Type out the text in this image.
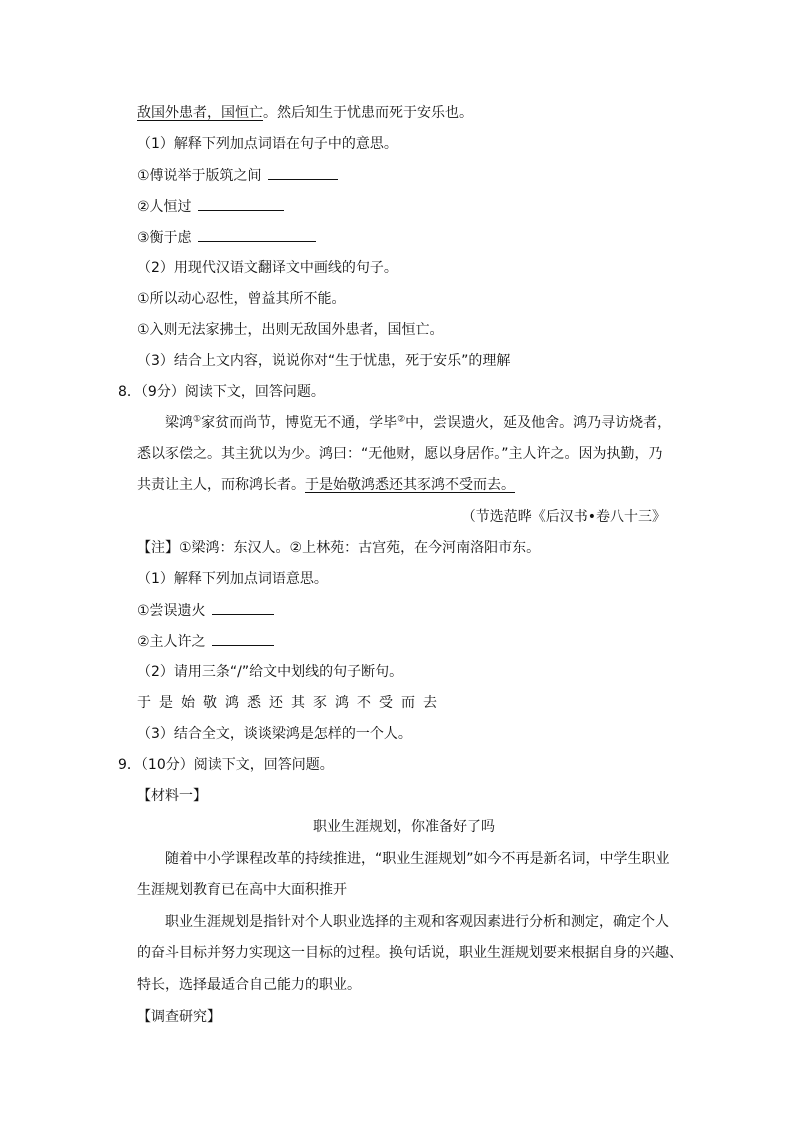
敌国外患者，国恒亡。然后知生于忧患而死于安乐也。
（1）解释下列加点词语在句子中的意思。
①傅说举于版筑之间
②人恒过
③衡于虑
（2）用现代汉语文翻译文中画线的句子。
①所以动心忍性，曾益其所不能。
①入则无法家拂士，出则无敌国外患者，国恒亡。
（3）结合上文内容，说说你对“生于忧患，死于安乐”的理解
8．（9分）阅读下文，回答问题。
梁鸿①家贫而尚节，博览无不通，学毕②中，尝误遗火，延及他舍。鸿乃寻访烧者，
悉以豕偿之。其主犹以为少。鸿曰：“无他财，愿以身居作。”主人许之。因为执勤，乃
共责让主人，而称鸿长者。于是始敬鸿悉还其豕鸿不受而去。
（节选范晔《后汉书•卷八十三》
【注】①梁鸿：东汉人。②上林苑：古宫苑，在今河南洛阳市东。
（1）解释下列加点词语意思。
①尝误遗火
②主人许之
（2）请用三条“/”给文中划线的句子断句。
于是始敬鸿悉还其豕鸿不受而去
（3）结合全文，谈谈梁鸿是怎样的一个人。
9．（10分）阅读下文，回答问题。
【材料一】
职业生涯规划，你准备好了吗
随着中小学课程改革的持续推进，“职业生涯规划”如今不再是新名词，中学生职业
生涯规划教育已在高中大面积推开
职业生涯规划是指针对个人职业选择的主观和客观因素进行分析和测定，确定个人
的奋斗目标并努力实现这一目标的过程。换句话说，职业生涯规划要来根据自身的兴趣、
特长，选择最适合自己能力的职业。
【调查研究】
